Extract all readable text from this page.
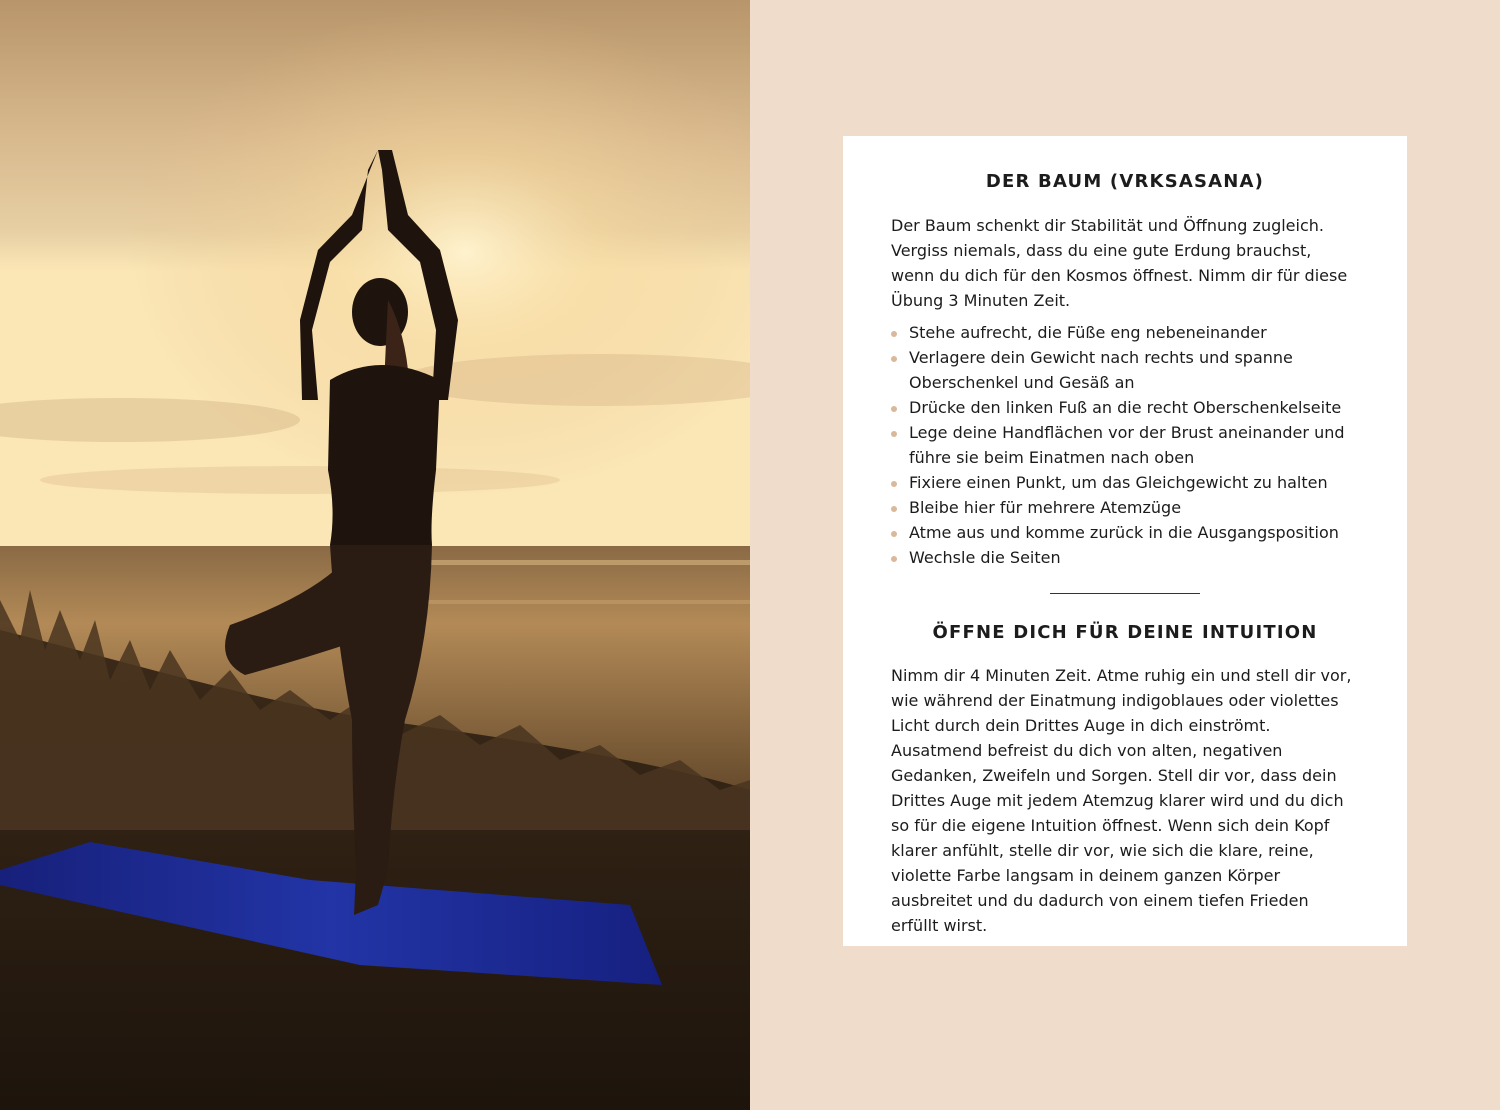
DER BAUM (VRKSASANA)

Der Baum schenkt dir Stabilität und Öffnung zugleich. Vergiss niemals, dass du eine gute Erdung brauchst, wenn du dich für den Kosmos öffnest. Nimm dir für diese Übung 3 Minuten Zeit.

Stehe aufrecht, die Füße eng nebeneinander
Verlagere dein Gewicht nach rechts und spanne Oberschenkel und Gesäß an
Drücke den linken Fuß an die recht Oberschenkelseite
Lege deine Handflächen vor der Brust aneinander und führe sie beim Einatmen nach oben
Fixiere einen Punkt, um das Gleichgewicht zu halten
Bleibe hier für mehrere Atemzüge
Atme aus und komme zurück in die Ausgangsposition
Wechsle die Seiten
ÖFFNE DICH FÜR DEINE INTUITION

Nimm dir 4 Minuten Zeit. Atme ruhig ein und stell dir vor, wie während der Einatmung indigoblaues oder violettes Licht durch dein Drittes Auge in dich einströmt. Ausatmend befreist du dich von alten, negativen Gedanken, Zweifeln und Sorgen. Stell dir vor, dass dein Drittes Auge mit jedem Atemzug klarer wird und du dich so für die eigene Intuition öffnest. Wenn sich dein Kopf klarer anfühlt, stelle dir vor, wie sich die klare, reine, violette Farbe langsam in deinem ganzen Körper ausbreitet und du dadurch von einem tiefen Frieden erfüllt wirst.
